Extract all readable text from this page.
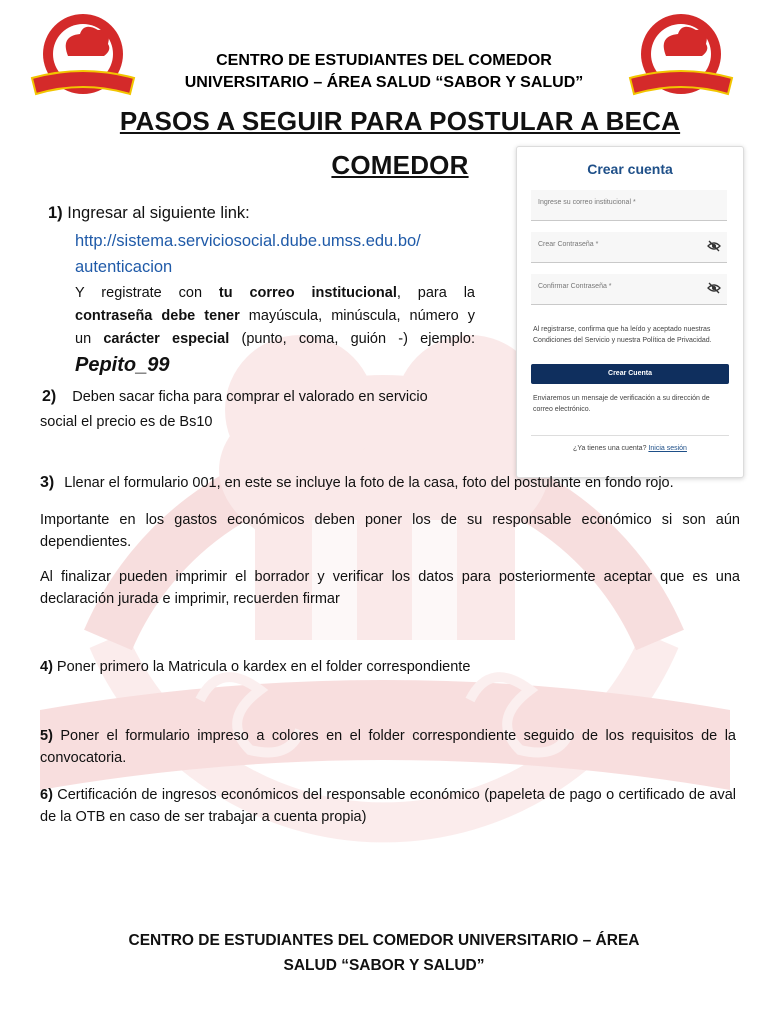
CENTRO DE ESTUDIANTES DEL COMEDOR
UNIVERSITARIO – ÁREA SALUD “SABOR Y SALUD”
PASOS A SEGUIR PARA POSTULAR A BECA
COMEDOR
1) Ingresar al siguiente link:
http://sistema.serviciosocial.dube.umss.edu.bo/
autenticacion
Y registrate con tu correo institucional, para la
contraseña debe tener mayúscula, minúscula, número y
un carácter especial (punto, coma, guión -) ejemplo:
Pepito_99
2) Deben sacar ficha para comprar el valorado en servicio
social el precio es de Bs10
Crear cuenta
Ingrese su correo institucional *
Crear Contraseña *
Confirmar Contraseña *
Al registrarse, confirma que ha leído y aceptado nuestras Condiciones del Servicio y nuestra Política de Privacidad.
Crear Cuenta
Enviaremos un mensaje de verificación a su dirección de correo electrónico.
¿Ya tienes una cuenta? Inicia sesión
3) Llenar el formulario 001, en este se incluye la foto de la casa, foto del postulante en fondo rojo.
Importante en los gastos económicos deben poner los de su responsable económico si son aún dependientes.
Al finalizar pueden imprimir el borrador y verificar los datos para posteriormente aceptar que es una declaración jurada e imprimir, recuerden firmar
4) Poner primero la Matricula o kardex en el folder correspondiente
5) Poner el formulario impreso a colores en el folder correspondiente seguido de los requisitos de la convocatoria.
6) Certificación de ingresos económicos del responsable económico (papeleta de pago o certificado de aval de la OTB en caso de ser trabajar a cuenta propia)
CENTRO DE ESTUDIANTES DEL COMEDOR UNIVERSITARIO – ÁREA
SALUD “SABOR Y SALUD”
